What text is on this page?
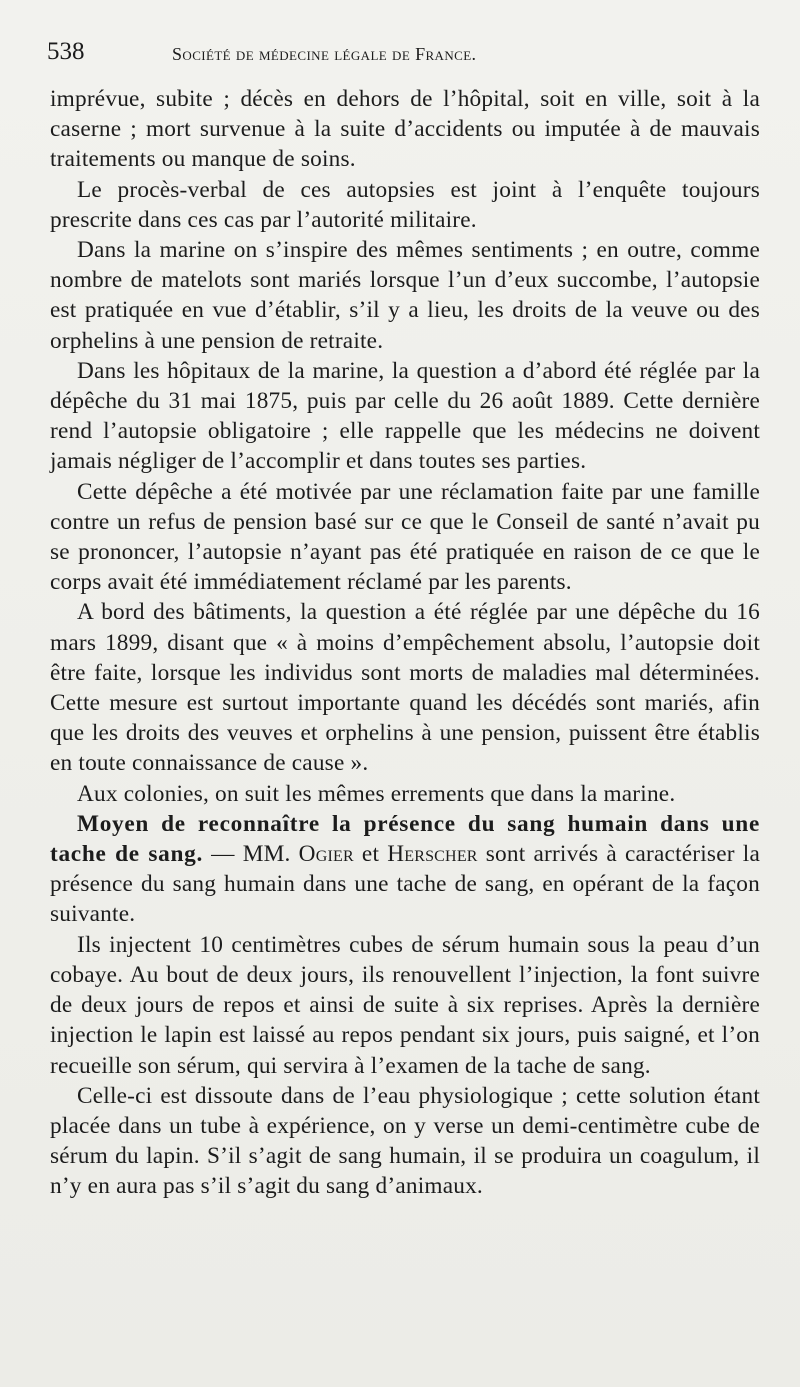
538	Société de médecine légale de France.

imprévue, subite ; décès en dehors de l’hôpital, soit en ville, soit à la caserne ; mort survenue à la suite d’accidents ou imputée à de mauvais traitements ou manque de soins.

Le procès-verbal de ces autopsies est joint à l’enquête toujours prescrite dans ces cas par l’autorité militaire.

Dans la marine on s’inspire des mêmes sentiments ; en outre, comme nombre de matelots sont mariés lorsque l’un d’eux succombe, l’autopsie est pratiquée en vue d’établir, s’il y a lieu, les droits de la veuve ou des orphelins à une pension de retraite.

Dans les hôpitaux de la marine, la question a d’abord été réglée par la dépêche du 31 mai 1875, puis par celle du 26 août 1889. Cette dernière rend l’autopsie obligatoire ; elle rappelle que les médecins ne doivent jamais négliger de l’accomplir et dans toutes ses parties.

Cette dépêche a été motivée par une réclamation faite par une famille contre un refus de pension basé sur ce que le Conseil de santé n’avait pu se prononcer, l’autopsie n’ayant pas été pratiquée en raison de ce que le corps avait été immédiatement réclamé par les parents.

A bord des bâtiments, la question a été réglée par une dépêche du 16 mars 1899, disant que « à moins d’empêchement absolu, l’autopsie doit être faite, lorsque les individus sont morts de maladies mal déterminées. Cette mesure est surtout importante quand les décédés sont mariés, afin que les droits des veuves et orphelins à une pension, puissent être établis en toute connaissance de cause ».

Aux colonies, on suit les mêmes errements que dans la marine.

Moyen de reconnaître la présence du sang humain dans une tache de sang. — MM. Ogier et Herscher sont arrivés à caractériser la présence du sang humain dans une tache de sang, en opérant de la façon suivante.

Ils injectent 10 centimètres cubes de sérum humain sous la peau d’un cobaye. Au bout de deux jours, ils renouvellent l’injection, la font suivre de deux jours de repos et ainsi de suite à six reprises. Après la dernière injection le lapin est laissé au repos pendant six jours, puis saigné, et l’on recueille son sérum, qui servira à l’examen de la tache de sang.

Celle-ci est dissoute dans de l’eau physiologique ; cette solution étant placée dans un tube à expérience, on y verse un demi-centimètre cube de sérum du lapin. S’il s’agit de sang humain, il se produira un coagulum, il n’y en aura pas s’il s’agit du sang d’animaux.
